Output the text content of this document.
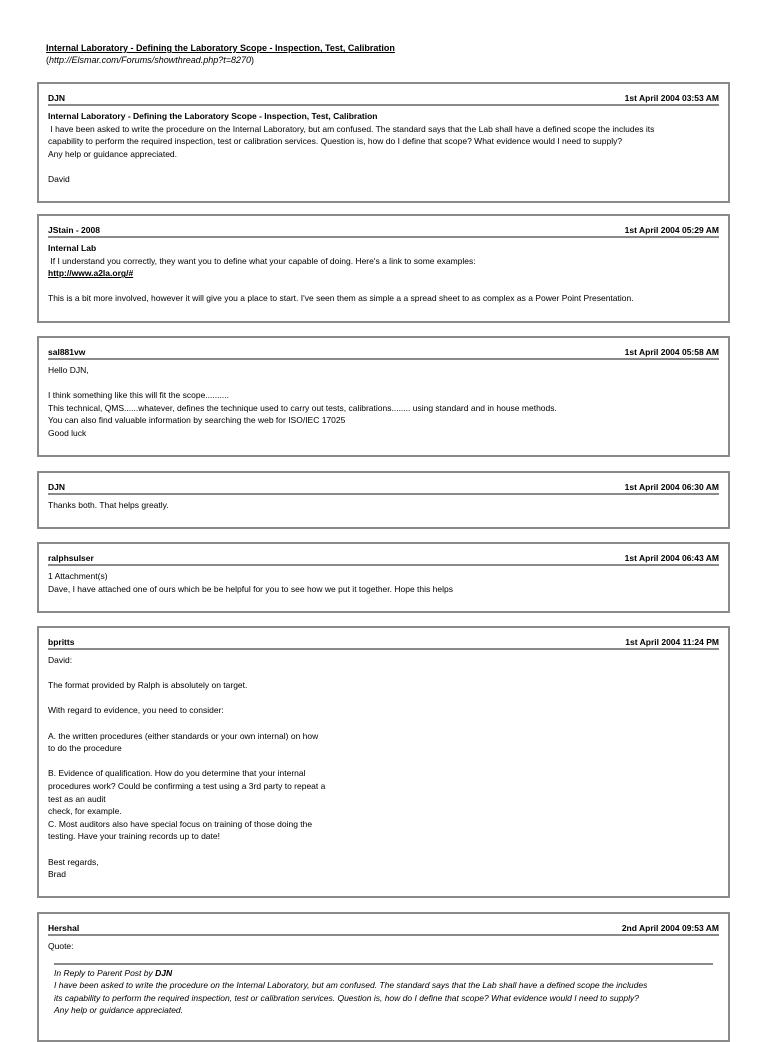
Internal Laboratory - Defining the Laboratory Scope - Inspection, Test, Calibration
(http://Elsmar.com/Forums/showthread.php?t=8270)
DJN	1st April 2004 03:53 AM
Internal Laboratory - Defining the Laboratory Scope - Inspection, Test, Calibration
I have been asked to write the procedure on the Internal Laboratory, but am confused. The standard says that the Lab shall have a defined scope the includes its
capability to perform the required inspection, test or calibration services. Question is, how do I define that scope? What evidence would I need to supply?
Any help or guidance appreciated.
David
JStain - 2008	1st April 2004 05:29 AM
Internal Lab
If I understand you correctly, they want you to define what your capable of doing. Here's a link to some examples:
http://www.a2la.org/#
This is a bit more involved, however it will give you a place to start. I've seen them as simple a a spread sheet to as complex as a Power Point Presentation.
sal881vw	1st April 2004 05:58 AM
Hello DJN,
I think something like this will fit the scope..........
This technical, QMS......whatever, defines the technique used to carry out tests, calibrations........ using standard and in house methods.
You can also find valuable information by searching the web for ISO/IEC 17025
Good luck
DJN	1st April 2004 06:30 AM
Thanks both. That helps greatly.
ralphsulser	1st April 2004 06:43 AM
1 Attachment(s)
Dave, I have attached one of ours which be be helpful for you to see how we put it together. Hope this helps
bpritts	1st April 2004 11:24 PM
David:
The format provided by Ralph is absolutely on target.
With regard to evidence, you need to consider:
A. the written procedures (either standards or your own internal) on how
to do the procedure
B. Evidence of qualification. How do you determine that your internal
procedures work? Could be confirming a test using a 3rd party to repeat a
test as an audit
check, for example.
C. Most auditors also have special focus on training of those doing the
testing. Have your training records up to date!
Best regards,
Brad
Hershal	2nd April 2004 09:53 AM
Quote:
In Reply to Parent Post by DJN
I have been asked to write the procedure on the Internal Laboratory, but am confused. The standard says that the Lab shall have a defined scope the includes
its capability to perform the required inspection, test or calibration services. Question is, how do I define that scope? What evidence would I need to supply?
Any help or guidance appreciated.
